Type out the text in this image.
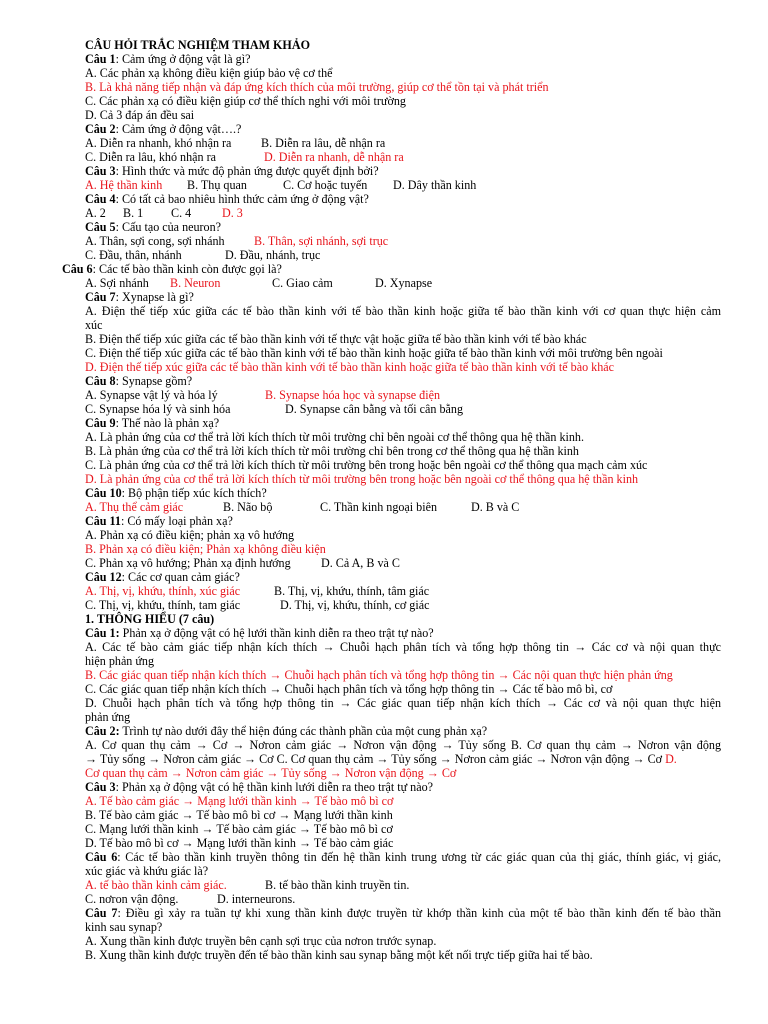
CÂU HỎI TRẮC NGHIỆM THAM KHẢO
Câu 1: Cảm ứng ở động vật là gì?
A. Các phản xạ không điều kiện giúp bảo vệ cơ thể
B. Là khả năng tiếp nhận và đáp ứng kích thích của môi trường, giúp cơ thể tồn tại và phát triển
C. Các phản xạ có điều kiện giúp cơ thể thích nghi với môi trường
D. Cả 3 đáp án đều sai
Câu 2: Cảm ứng ở động vật….?
A. Diễn ra nhanh, khó nhận ra B. Diễn ra lâu, dễ nhận ra
C. Diễn ra lâu, khó nhận ra	D. Diễn ra nhanh, dễ nhận ra
Câu 3: Hình thức và mức độ phản ứng được quyết định bởi?
A. Hệ thần kinh B. Thụ quan	C. Cơ hoặc tuyến D. Dây thần kinh
Câu 4: Có tất cả bao nhiêu hình thức cảm ứng ở động vật?
A. 2 B. 1 C. 4	D. 3
Câu 5: Cấu tạo của neuron?
A. Thân, sợi cong, sợi nhánh B. Thân, sợi nhánh, sợi trục
C. Đầu, thân, nhánh	D. Đầu, nhánh, trục
Câu 6: Các tế bào thần kinh còn được gọi là?
A. Sợi nhánh B. Neuron	C. Giao cảm	D. Xynapse
Câu 7: Xynapse là gì?
A. Điện thế tiếp xúc giữa các tế bào thần kinh với tế bào thần kinh hoặc giữa tế bào thần kinh với cơ quan thực hiện cảm
xúc
B. Điện thế tiếp xúc giữa các tế bào thần kinh với tế thực vật hoặc giữa tế bào thần kinh với tế bào khác
C. Điện thế tiếp xúc giữa các tế bào thần kinh với tế bào thần kinh hoặc giữa tế bào thần kinh với môi trường bên ngoài
D. Điện thế tiếp xúc giữa các tế bào thần kinh với tế bào thần kinh hoặc giữa tế bào thần kinh với tế bào khác
Câu 8: Synapse gồm?
A. Synapse vật lý và hóa lý	B. Synapse hóa học và synapse điện
C. Synapse hóa lý và sinh hóa	D. Synapse cân bằng và tối cân bằng
Câu 9: Thế nào là phản xạ?
A. Là phản ứng của cơ thể trả lời kích thích từ môi trường chỉ bên ngoài cơ thể thông qua hệ thần kinh.
B. Là phản ứng của cơ thể trả lời kích thích từ môi trường chỉ bên trong cơ thể thông qua hệ thần kinh
C. Là phản ứng của cơ thể trả lời kích thích từ môi trường bên trong hoặc bên ngoài cơ thể thông qua mạch cảm xúc
D. Là phản ứng của cơ thể trả lời kích thích từ môi trường bên trong hoặc bên ngoài cơ thể thông qua hệ thần kinh
Câu 10: Bộ phận tiếp xúc kích thích?
A. Thụ thể cảm giác	B. Não bộ	C. Thần kinh ngoại biên	D. B và C
Câu 11: Có mấy loại phản xạ?
A. Phản xạ có điều kiện; phản xạ vô hướng
B. Phản xạ có điều kiện; Phản xạ không điều kiện
C. Phản xạ vô hướng; Phản xạ định hướng	D. Cả A, B và C
Câu 12: Các cơ quan cảm giác?
A. Thị, vị, khứu, thính, xúc giác	B. Thị, vị, khứu, thính, tâm giác
C. Thị, vị, khứu, thính, tam giác	D. Thị, vị, khứu, thính, cơ giác
1. THÔNG HIỂU (7 câu)
Câu 1: Phản xạ ở động vật có hệ lưới thần kinh diễn ra theo trật tự nào?
A. Các tế bào cảm giác tiếp nhận kích thích → Chuỗi hạch phân tích và tổng hợp thông tin → Các cơ và nội quan thực
hiện phản ứng
B. Các giác quan tiếp nhận kích thích → Chuỗi hạch phân tích và tổng hợp thông tin → Các nội quan thực hiện phản ứng
C. Các giác quan tiếp nhận kích thích → Chuỗi hạch phân tích và tổng hợp thông tin → Các tế bào mô bì, cơ
D. Chuỗi hạch phân tích và tổng hợp thông tin → Các giác quan tiếp nhận kích thích → Các cơ và nội quan thực hiện
phản ứng
Câu 2: Trình tự nào dưới đây thể hiện đúng các thành phần của một cung phản xạ?
A. Cơ quan thụ cảm → Cơ → Nơron cảm giác → Nơron vận động → Tủy sống B. Cơ quan thụ cảm → Nơron vận động
→ Tủy sống → Nơron cảm giác → Cơ C. Cơ quan thụ cảm → Tủy sống → Nơron cảm giác → Nơron vận động → Cơ D.
Cơ quan thụ cảm → Nơron cảm giác → Tủy sống → Nơron vận động → Cơ
Câu 3: Phản xạ ở động vật có hệ thần kinh lưới diễn ra theo trật tự nào?
A. Tế bào cảm giác → Mạng lưới thần kinh → Tế bào mô bì cơ
B. Tế bào cảm giác → Tế bào mô bì cơ → Mạng lưới thần kinh
C. Mạng lưới thần kinh → Tế bào cảm giác → Tế bào mô bì cơ
D. Tế bào mô bì cơ → Mạng lưới thần kinh → Tế bào cảm giác
Câu 6: Các tế bào thần kinh truyền thông tin đến hệ thần kinh trung ương từ các giác quan của thị giác, thính giác, vị giác,
xúc giác và khứu giác là?
A. tế bào thần kinh cảm giác.	B. tế bào thần kinh truyền tin.
C. nơron vận động.	D. interneurons.
Câu 7: Điều gì xảy ra tuần tự khi xung thần kinh được truyền từ khớp thần kinh của một tế bào thần kinh đến tế bào thần
kinh sau synap?
A. Xung thần kinh được truyền bên cạnh sợi trục của nơron trước synap.
B. Xung thần kinh được truyền đến tế bào thần kinh sau synap bằng một kết nối trực tiếp giữa hai tế bào.
